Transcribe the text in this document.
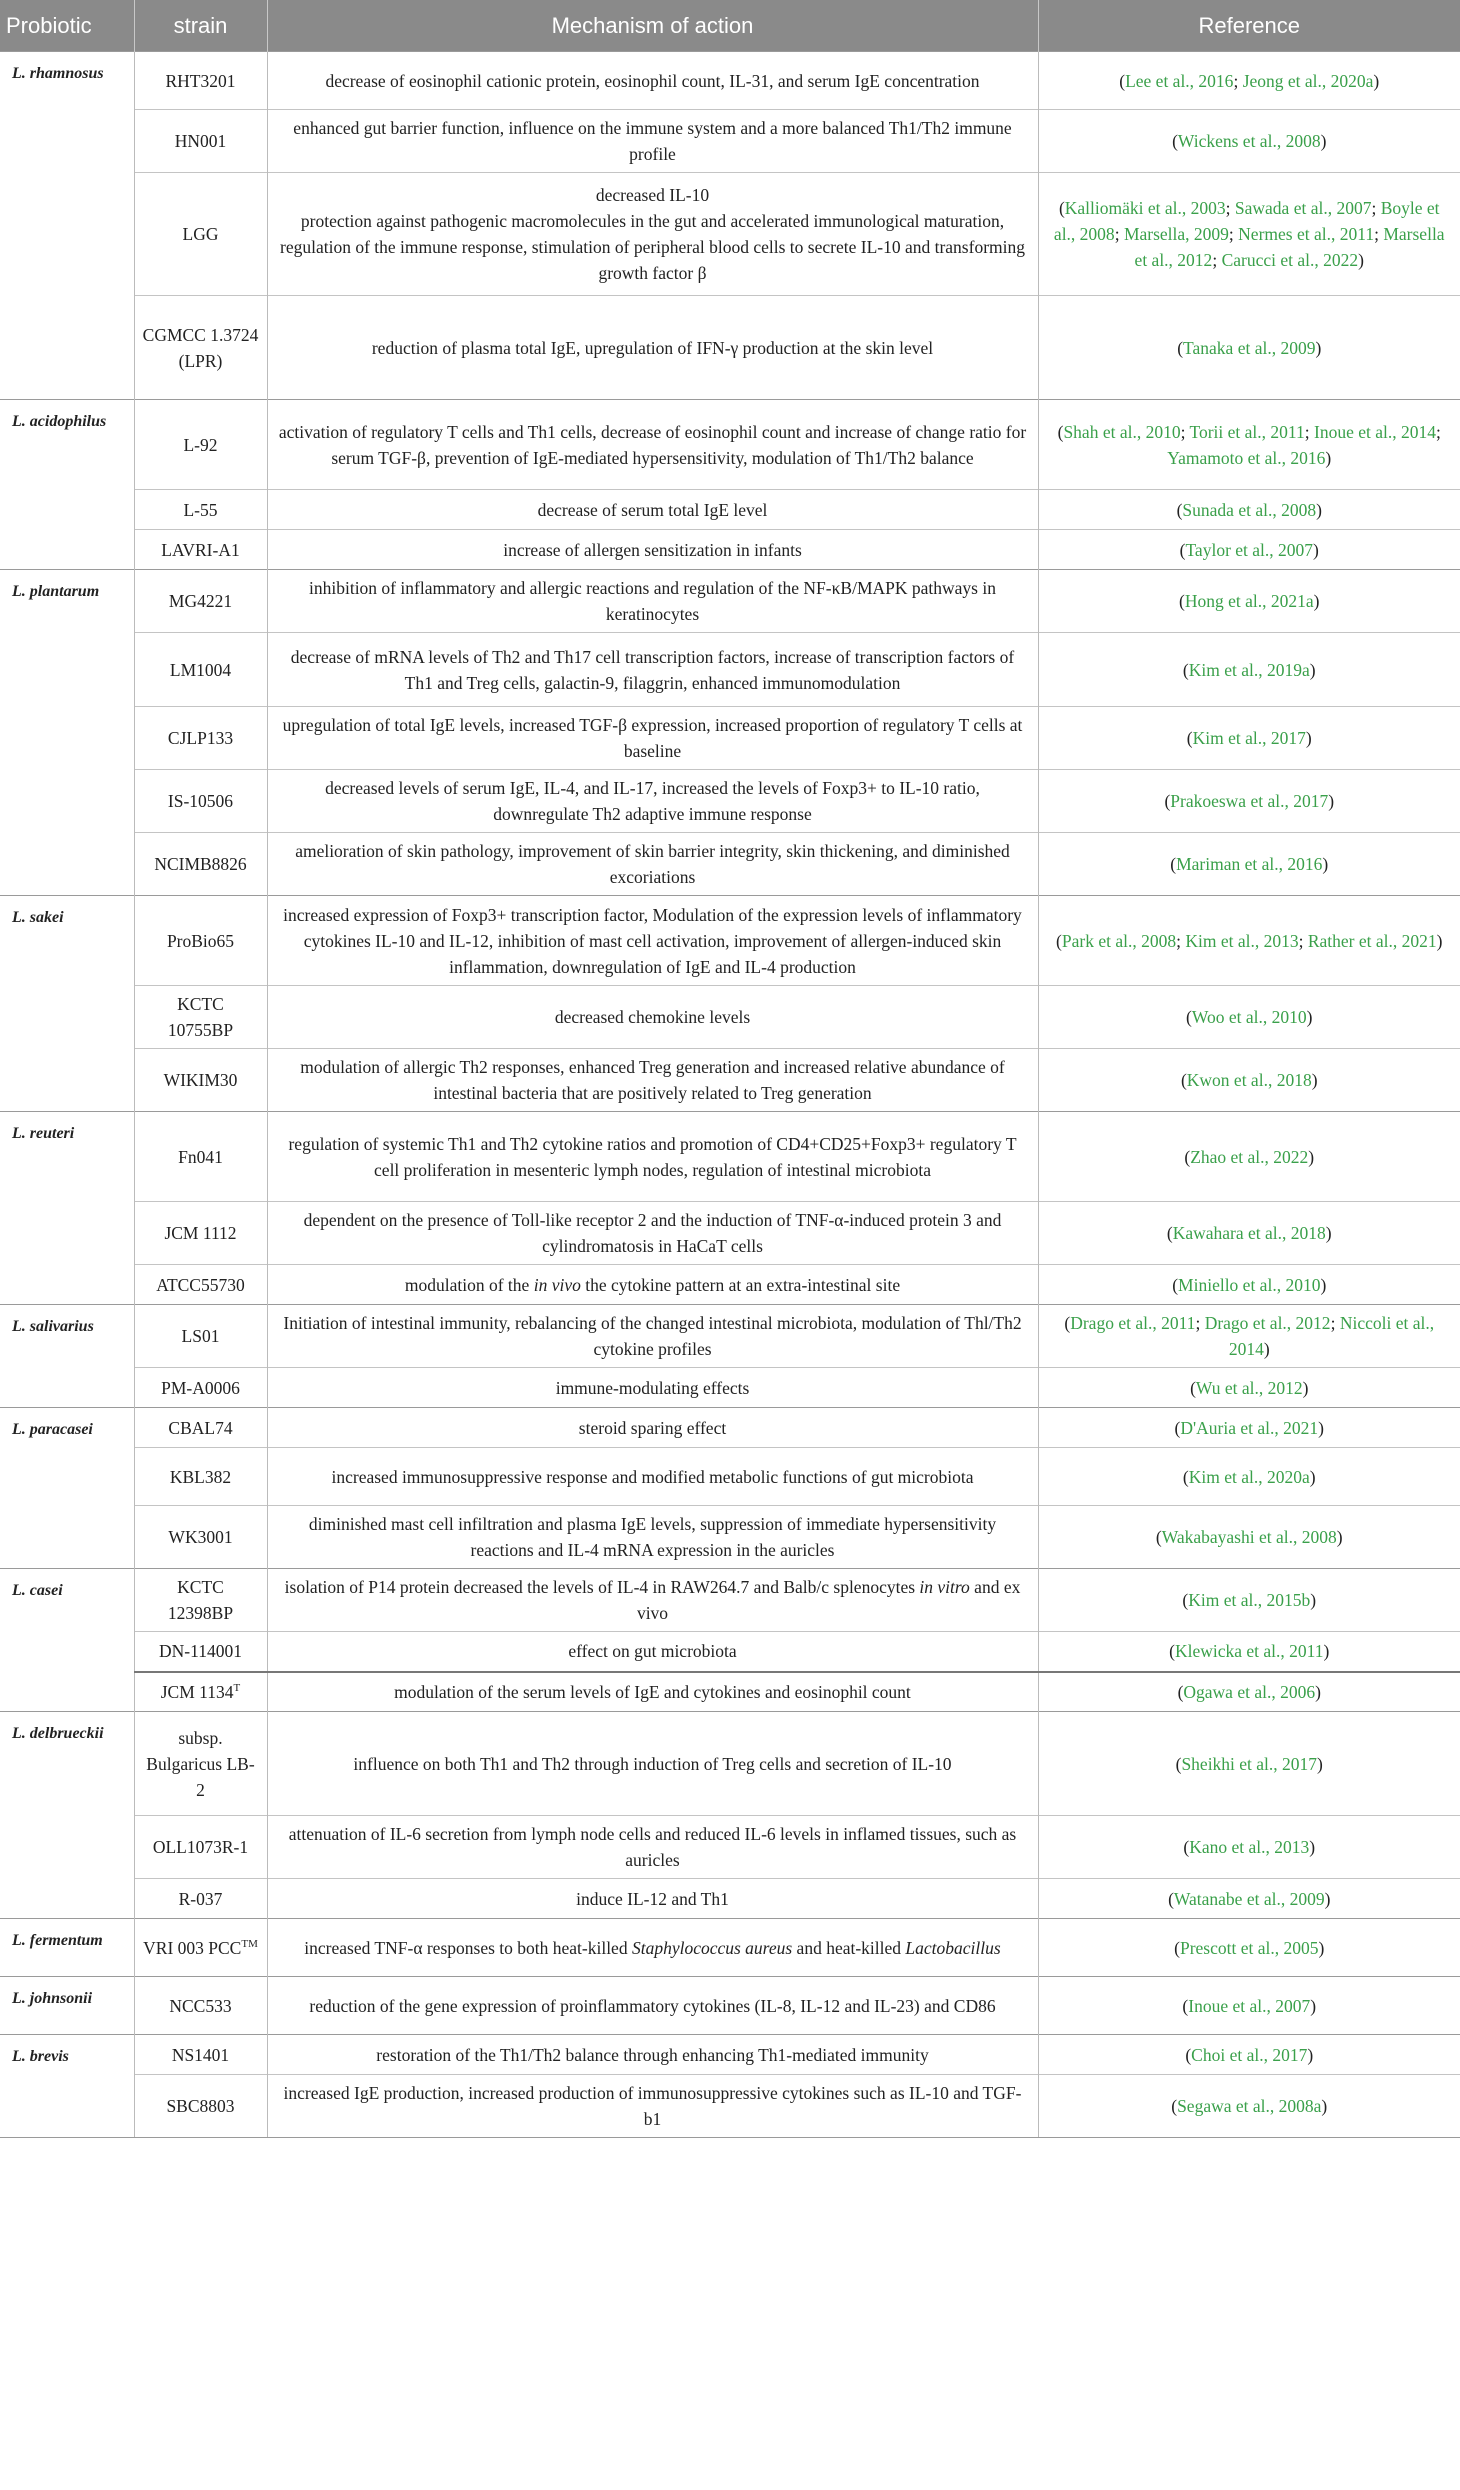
Probiotic	strain	Mechanism of action	Reference
L. rhamnosus	RHT3201	decrease of eosinophil cationic protein, eosinophil count, IL-31, and serum IgE concentration	(Lee et al., 2016; Jeong et al., 2020a)
	HN001	enhanced gut barrier function, influence on the immune system and a more balanced Th1/Th2 immune profile	(Wickens et al., 2008)
	LGG	decreased IL-10
protection against pathogenic macromolecules in the gut and accelerated immunological maturation, regulation of the immune response, stimulation of peripheral blood cells to secrete IL-10 and transforming growth factor β	(Kalliomäki et al., 2003; Sawada et al., 2007; Boyle et al., 2008; Marsella, 2009; Nermes et al., 2011; Marsella et al., 2012; Carucci et al., 2022)
	CGMCC 1.3724 (LPR)	reduction of plasma total IgE, upregulation of IFN-γ production at the skin level	(Tanaka et al., 2009)
L. acidophilus	L-92	activation of regulatory T cells and Th1 cells, decrease of eosinophil count and increase of change ratio for serum TGF-β, prevention of IgE-mediated hypersensitivity, modulation of Th1/Th2 balance	(Shah et al., 2010; Torii et al., 2011; Inoue et al., 2014; Yamamoto et al., 2016)
	L-55	decrease of serum total IgE level	(Sunada et al., 2008)
	LAVRI-A1	increase of allergen sensitization in infants	(Taylor et al., 2007)
L. plantarum	MG4221	inhibition of inflammatory and allergic reactions and regulation of the NF-κB/MAPK pathways in keratinocytes	(Hong et al., 2021a)
	LM1004	decrease of mRNA levels of Th2 and Th17 cell transcription factors, increase of transcription factors of Th1 and Treg cells, galactin-9, filaggrin, enhanced immunomodulation	(Kim et al., 2019a)
	CJLP133	upregulation of total IgE levels, increased TGF-β expression, increased proportion of regulatory T cells at baseline	(Kim et al., 2017)
	IS-10506	decreased levels of serum IgE, IL-4, and IL-17, increased the levels of Foxp3+ to IL-10 ratio, downregulate Th2 adaptive immune response	(Prakoeswa et al., 2017)
	NCIMB8826	amelioration of skin pathology, improvement of skin barrier integrity, skin thickening, and diminished excoriations	(Mariman et al., 2016)
L. sakei	ProBio65	increased expression of Foxp3+ transcription factor, Modulation of the expression levels of inflammatory cytokines IL-10 and IL-12, inhibition of mast cell activation, improvement of allergen-induced skin inflammation, downregulation of IgE and IL-4 production	(Park et al., 2008; Kim et al., 2013; Rather et al., 2021)
	KCTC 10755BP	decreased chemokine levels	(Woo et al., 2010)
	WIKIM30	modulation of allergic Th2 responses, enhanced Treg generation and increased relative abundance of intestinal bacteria that are positively related to Treg generation	(Kwon et al., 2018)
L. reuteri	Fn041	regulation of systemic Th1 and Th2 cytokine ratios and promotion of CD4+CD25+Foxp3+ regulatory T cell proliferation in mesenteric lymph nodes, regulation of intestinal microbiota	(Zhao et al., 2022)
	JCM 1112	dependent on the presence of Toll-like receptor 2 and the induction of TNF-α-induced protein 3 and cylindromatosis in HaCaT cells	(Kawahara et al., 2018)
	ATCC55730	modulation of the in vivo the cytokine pattern at an extra-intestinal site	(Miniello et al., 2010)
L. salivarius	LS01	Initiation of intestinal immunity, rebalancing of the changed intestinal microbiota, modulation of Thl/Th2 cytokine profiles	(Drago et al., 2011; Drago et al., 2012; Niccoli et al., 2014)
	PM-A0006	immune-modulating effects	(Wu et al., 2012)
L. paracasei	CBAL74	steroid sparing effect	(D'Auria et al., 2021)
	KBL382	increased immunosuppressive response and modified metabolic functions of gut microbiota	(Kim et al., 2020a)
	WK3001	diminished mast cell infiltration and plasma IgE levels, suppression of immediate hypersensitivity reactions and IL-4 mRNA expression in the auricles	(Wakabayashi et al., 2008)
L. casei	KCTC 12398BP	isolation of P14 protein decreased the levels of IL-4 in RAW264.7 and Balb/c splenocytes in vitro and ex vivo	(Kim et al., 2015b)
	DN-114001	effect on gut microbiota	(Klewicka et al., 2011)
	JCM $1134^T$	modulation of the serum levels of IgE and cytokines and eosinophil count	(Ogawa et al., 2006)
L. delbrueckii	subsp. Bulgaricus LB-2	influence on both Th1 and Th2 through induction of Treg cells and secretion of IL-10	(Sheikhi et al., 2017)
	OLL1073R-1	attenuation of IL-6 secretion from lymph node cells and reduced IL-6 levels in inflamed tissues, such as auricles	(Kano et al., 2013)
	R-037	induce IL-12 and Th1	(Watanabe et al., 2009)
L. fermentum	VRI 003 PCC™	increased TNF-α responses to both heat-killed Staphylococcus aureus and heat-killed Lactobacillus	(Prescott et al., 2005)
L. johnsonii	NCC533	reduction of the gene expression of proinflammatory cytokines (IL-8, IL-12 and IL-23) and CD86	(Inoue et al., 2007)
L. brevis	NS1401	restoration of the Th1/Th2 balance through enhancing Th1-mediated immunity	(Choi et al., 2017)
	SBC8803	increased IgE production, increased production of immunosuppressive cytokines such as IL-10 and TGF-b1	(Segawa et al., 2008a)
